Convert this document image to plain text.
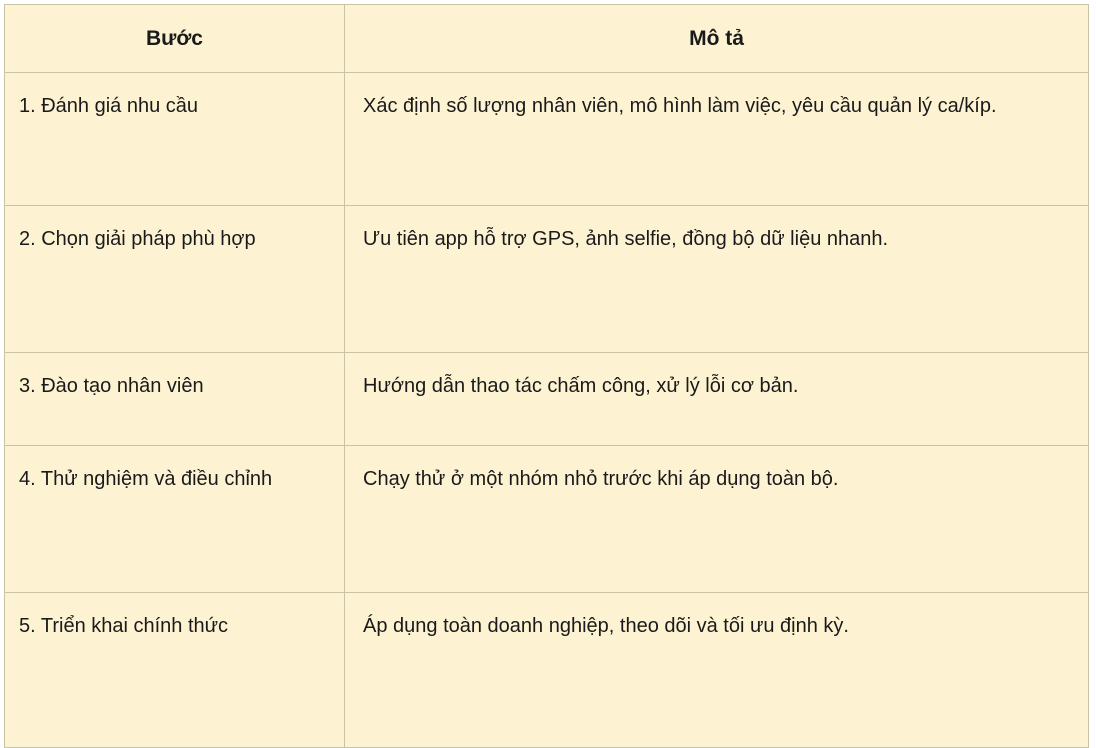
Bước	Mô tả
1. Đánh giá nhu cầu	Xác định số lượng nhân viên, mô hình làm việc, yêu cầu quản lý ca/kíp.
2. Chọn giải pháp phù hợp	Ưu tiên app hỗ trợ GPS, ảnh selfie, đồng bộ dữ liệu nhanh.
3. Đào tạo nhân viên	Hướng dẫn thao tác chấm công, xử lý lỗi cơ bản.
4. Thử nghiệm và điều chỉnh	Chạy thử ở một nhóm nhỏ trước khi áp dụng toàn bộ.
5. Triển khai chính thức	Áp dụng toàn doanh nghiệp, theo dõi và tối ưu định kỳ.
